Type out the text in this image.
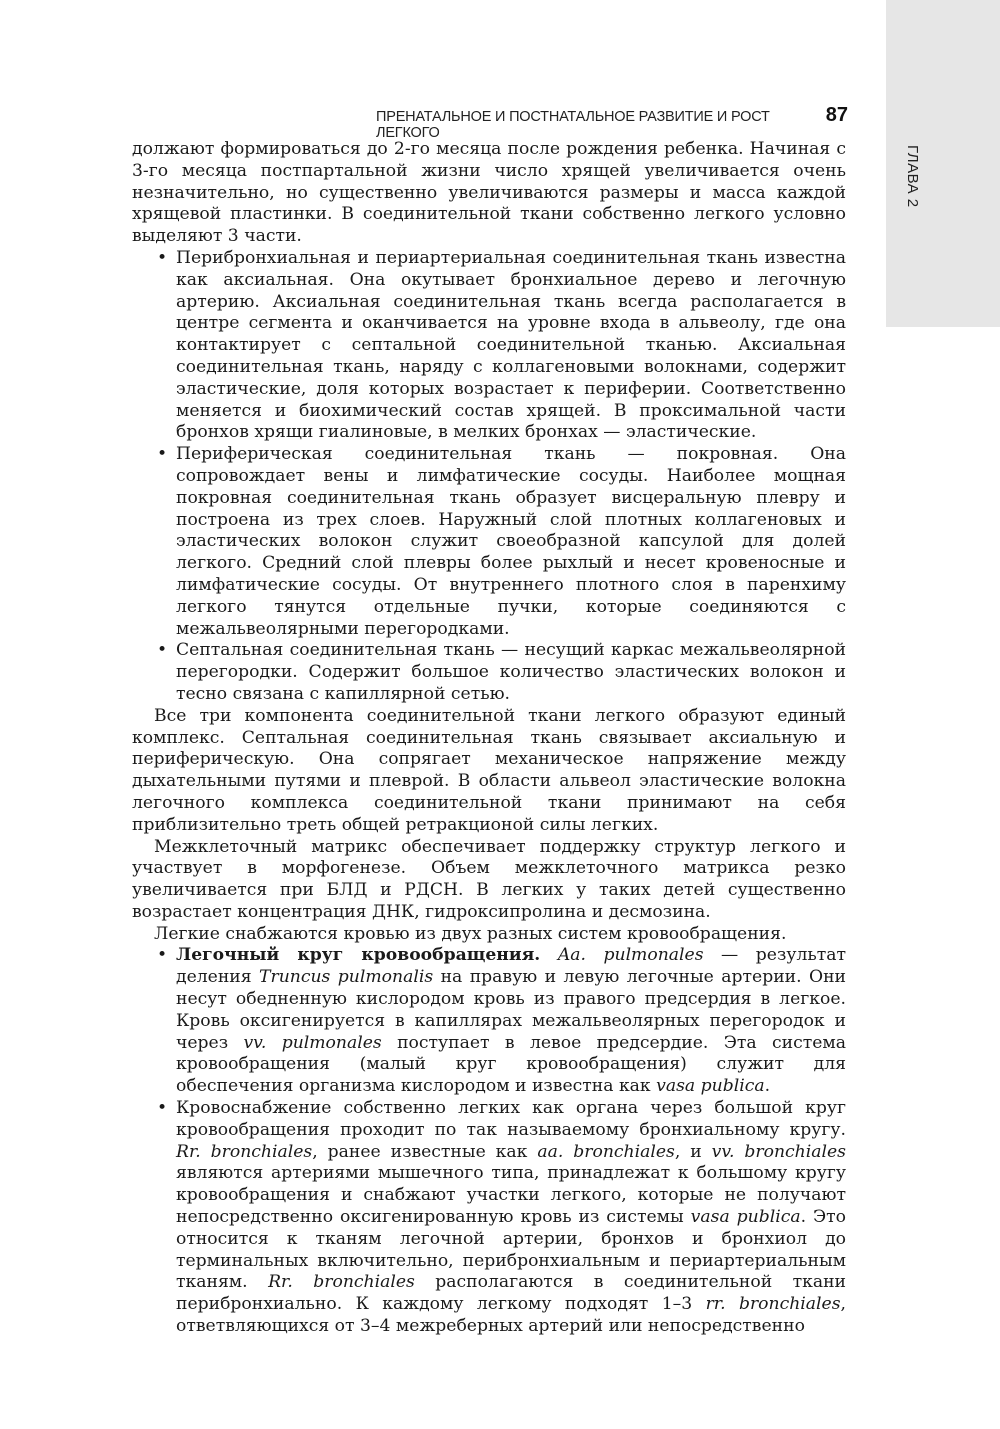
ГЛАВА 2
ПРЕНАТАЛЬНОЕ И ПОСТНАТАЛЬНОЕ РАЗВИТИЕ И РОСТ ЛЕГКОГО
87

должают формироваться до 2-го месяца после рождения ребенка. Начиная с 3-го месяца постпартальной жизни число хрящей увеличивается очень незначительно, но существенно увеличиваются размеры и масса каждой хрящевой пластинки. В соединительной ткани собственно легкого условно выделяют 3 части.

• Перибронхиальная и периартериальная соединительная ткань известна как аксиальная. Она окутывает бронхиальное дерево и легочную артерию. Аксиальная соединительная ткань всегда располагается в центре сегмента и оканчивается на уровне входа в альвеолу, где она контактирует с септальной соединительной тканью. Аксиальная соединительная ткань, наряду с коллагеновыми волокнами, содержит эластические, доля которых возрастает к периферии. Соответственно меняется и биохимический состав хрящей. В проксимальной части бронхов хрящи гиалиновые, в мелких бронхах — эластические.
• Периферическая соединительная ткань — покровная. Она сопровождает вены и лимфатические сосуды. Наиболее мощная покровная соединительная ткань образует висцеральную плевру и построена из трех слоев. Наружный слой плотных коллагеновых и эластических волокон служит своеобразной капсулой для долей легкого. Средний слой плевры более рыхлый и несет кровеносные и лимфатические сосуды. От внутреннего плотного слоя в паренхиму легкого тянутся отдельные пучки, которые соединяются с межальвеолярными перегородками.
• Септальная соединительная ткань — несущий каркас межальвеолярной перегородки. Содержит большое количество эластических волокон и тесно связана с капиллярной сетью.

Все три компонента соединительной ткани легкого образуют единый комплекс. Септальная соединительная ткань связывает аксиальную и периферическую. Она сопрягает механическое напряжение между дыхательными путями и плеврой. В области альвеол эластические волокна легочного комплекса соединительной ткани принимают на себя приблизительно треть общей ретракционой силы легких.

Межклеточный матрикс обеспечивает поддержку структур легкого и участвует в морфогенезе. Объем межклеточного матрикса резко увеличивается при БЛД и РДСН. В легких у таких детей существенно возрастает концентрация ДНК, гидроксипролина и десмозина.

Легкие снабжаются кровью из двух разных систем кровообращения.

• Легочный круг кровообращения. Aa. pulmonales — результат деления Truncus pulmonalis на правую и левую легочные артерии. Они несут обедненную кислородом кровь из правого предсердия в легкое. Кровь оксигенируется в капиллярах межальвеолярных перегородок и через vv. pulmonales поступает в левое предсердие. Эта система кровообращения (малый круг кровообращения) служит для обеспечения организма кислородом и известна как vasa publica.
• Кровоснабжение собственно легких как органа через большой круг кровообращения проходит по так называемому бронхиальному кругу. Rr. bronchiales, ранее известные как aa. bronchiales, и vv. bronchiales являются артериями мышечного типа, принадлежат к большому кругу кровообращения и снабжают участки легкого, которые не получают непосредственно оксигенированную кровь из системы vasa publica. Это относится к тканям легочной артерии, бронхов и бронхиол до терминальных включительно, перибронхиальным и периартериальным тканям. Rr. bronchiales располагаются в соединительной ткани перибронхиально. К каждому легкому подходят 1–3 rr. bronchiales, ответвляющихся от 3–4 межреберных артерий или непосредственно
